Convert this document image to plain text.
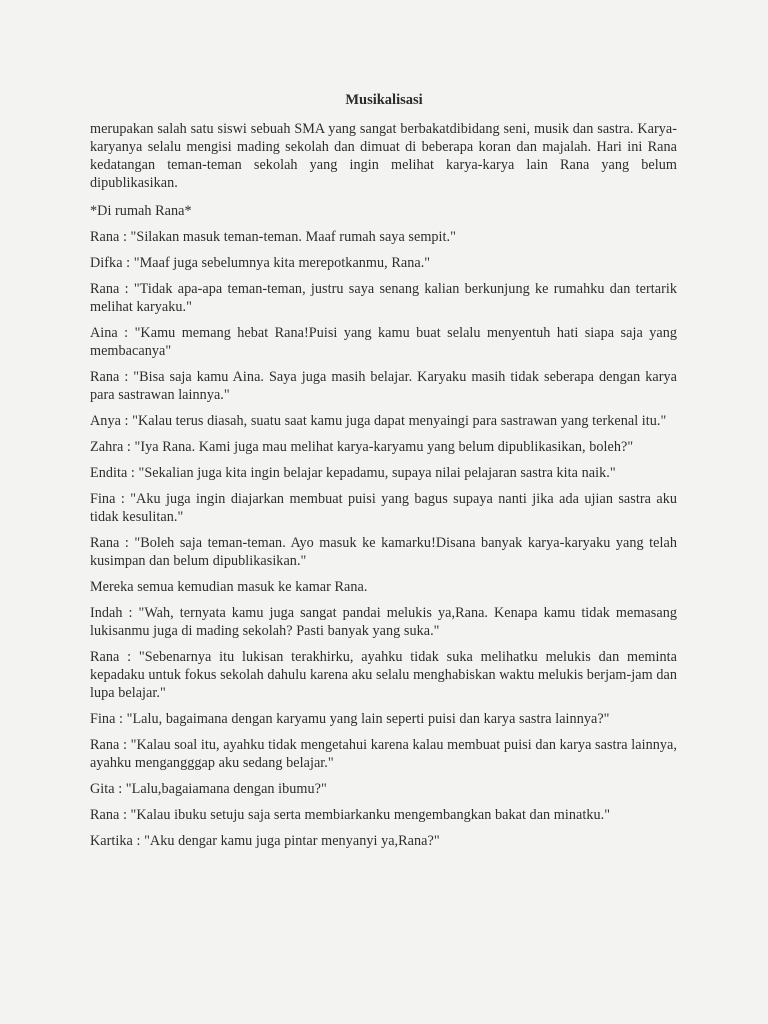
Musikalisasi

merupakan salah satu siswi sebuah SMA yang sangat berbakatdibidang seni, musik dan sastra. Karya-karyanya selalu mengisi mading sekolah dan dimuat di beberapa koran dan majalah. Hari ini Rana kedatangan teman-teman sekolah yang ingin melihat karya-karya lain Rana yang belum dipublikasikan.

*Di rumah Rana*

Rana : "Silakan masuk teman-teman. Maaf rumah saya sempit."

Difka : "Maaf juga sebelumnya kita merepotkanmu, Rana."

Rana : "Tidak apa-apa teman-teman, justru saya senang kalian berkunjung ke rumahku dan tertarik melihat karyaku."

Aina : "Kamu memang hebat Rana!Puisi yang kamu buat selalu menyentuh hati siapa saja yang membacanya"

Rana : "Bisa saja kamu Aina. Saya juga masih belajar. Karyaku masih tidak seberapa dengan karya para sastrawan lainnya."

Anya : "Kalau terus diasah, suatu saat kamu juga dapat menyaingi para sastrawan yang terkenal itu."

Zahra : "Iya Rana. Kami juga mau melihat karya-karyamu yang belum dipublikasikan, boleh?"

Endita : "Sekalian juga kita ingin belajar kepadamu, supaya nilai pelajaran sastra kita naik."

Fina : "Aku juga ingin diajarkan membuat puisi yang bagus supaya nanti jika ada ujian sastra aku tidak kesulitan."

Rana : "Boleh saja teman-teman. Ayo masuk ke kamarku!Disana banyak karya-karyaku yang telah kusimpan dan belum dipublikasikan."

Mereka semua kemudian masuk ke kamar Rana.

Indah : "Wah, ternyata kamu juga sangat pandai melukis ya,Rana. Kenapa kamu tidak memasang lukisanmu juga di mading sekolah? Pasti banyak yang suka."

Rana : "Sebenarnya itu lukisan terakhirku, ayahku tidak suka melihatku melukis dan meminta kepadaku untuk fokus sekolah dahulu karena aku selalu menghabiskan waktu melukis berjam-jam dan lupa belajar."

Fina : "Lalu, bagaimana dengan karyamu yang lain seperti puisi dan karya sastra lainnya?"

Rana : "Kalau soal itu, ayahku tidak mengetahui karena kalau membuat puisi dan karya sastra lainnya, ayahku mengangggap aku sedang belajar."

Gita : "Lalu,bagaiamana dengan ibumu?"

Rana : "Kalau ibuku setuju saja serta membiarkanku mengembangkan bakat dan minatku."

Kartika : "Aku dengar kamu juga pintar menyanyi ya,Rana?"
